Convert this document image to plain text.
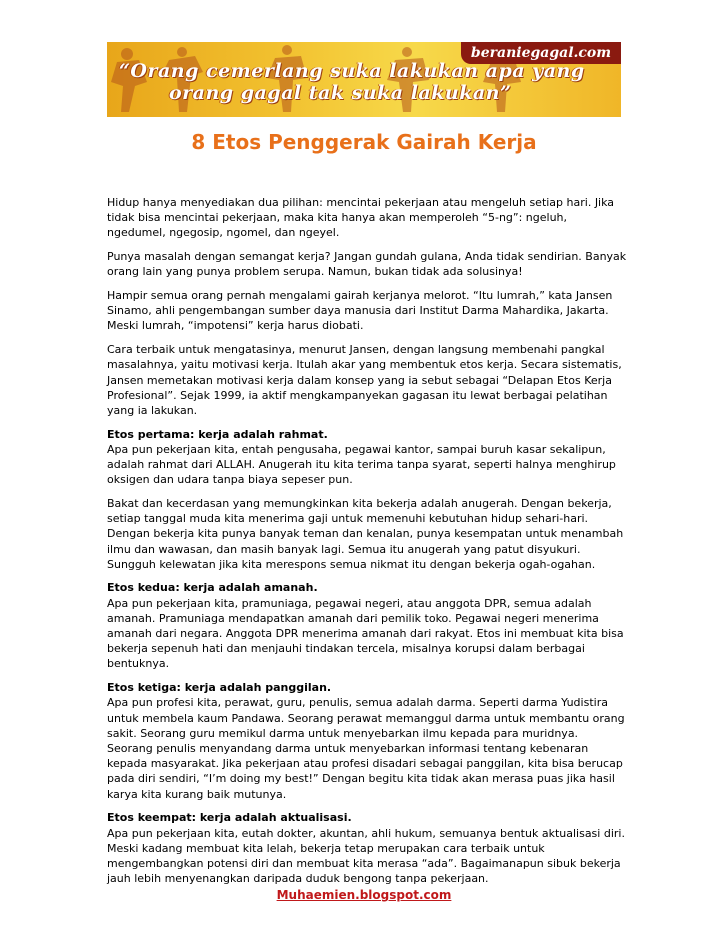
beraniegagal.com
“Orang cemerlang suka lakukan apa yang
orang gagal tak suka lakukan”
8 Etos Penggerak Gairah Kerja

Hidup hanya menyediakan dua pilihan: mencintai pekerjaan atau mengeluh setiap hari. Jika tidak bisa mencintai pekerjaan, maka kita hanya akan memperoleh “5-ng”: ngeluh, ngedumel, ngegosip, ngomel, dan ngeyel.

Punya masalah dengan semangat kerja? Jangan gundah gulana, Anda tidak sendirian. Banyak orang lain yang punya problem serupa. Namun, bukan tidak ada solusinya!

Hampir semua orang pernah mengalami gairah kerjanya melorot. “Itu lumrah,” kata Jansen Sinamo, ahli pengembangan sumber daya manusia dari Institut Darma Mahardika, Jakarta. Meski lumrah, “impotensi” kerja harus diobati.

Cara terbaik untuk mengatasinya, menurut Jansen, dengan langsung membenahi pangkal masalahnya, yaitu motivasi kerja. Itulah akar yang membentuk etos kerja. Secara sistematis, Jansen memetakan motivasi kerja dalam konsep yang ia sebut sebagai “Delapan Etos Kerja Profesional”. Sejak 1999, ia aktif mengkampanyekan gagasan itu lewat berbagai pelatihan yang ia lakukan.

Etos pertama: kerja adalah rahmat.
Apa pun pekerjaan kita, entah pengusaha, pegawai kantor, sampai buruh kasar sekalipun, adalah rahmat dari ALLAH. Anugerah itu kita terima tanpa syarat, seperti halnya menghirup oksigen dan udara tanpa biaya sepeser pun.

Bakat dan kecerdasan yang memungkinkan kita bekerja adalah anugerah. Dengan bekerja, setiap tanggal muda kita menerima gaji untuk memenuhi kebutuhan hidup sehari-hari. Dengan bekerja kita punya banyak teman dan kenalan, punya kesempatan untuk menambah ilmu dan wawasan, dan masih banyak lagi. Semua itu anugerah yang patut disyukuri. Sungguh kelewatan jika kita merespons semua nikmat itu dengan bekerja ogah-ogahan.

Etos kedua: kerja adalah amanah.
Apa pun pekerjaan kita, pramuniaga, pegawai negeri, atau anggota DPR, semua adalah amanah. Pramuniaga mendapatkan amanah dari pemilik toko. Pegawai negeri menerima amanah dari negara. Anggota DPR menerima amanah dari rakyat. Etos ini membuat kita bisa bekerja sepenuh hati dan menjauhi tindakan tercela, misalnya korupsi dalam berbagai bentuknya.
Etos ketiga: kerja adalah panggilan.
Apa pun profesi kita, perawat, guru, penulis, semua adalah darma. Seperti darma Yudistira untuk membela kaum Pandawa. Seorang perawat memanggul darma untuk membantu orang sakit. Seorang guru memikul darma untuk menyebarkan ilmu kepada para muridnya. Seorang penulis menyandang darma untuk menyebarkan informasi tentang kebenaran kepada masyarakat. Jika pekerjaan atau profesi disadari sebagai panggilan, kita bisa berucap pada diri sendiri, “I’m doing my best!” Dengan begitu kita tidak akan merasa puas jika hasil karya kita kurang baik mutunya.
Etos keempat: kerja adalah aktualisasi.
Apa pun pekerjaan kita, eutah dokter, akuntan, ahli hukum, semuanya bentuk aktualisasi diri. Meski kadang membuat kita lelah, bekerja tetap merupakan cara terbaik untuk mengembangkan potensi diri dan membuat kita merasa “ada”. Bagaimanapun sibuk bekerja jauh lebih menyenangkan daripada duduk bengong tanpa pekerjaan.
Muhaemien.blogspot.com
